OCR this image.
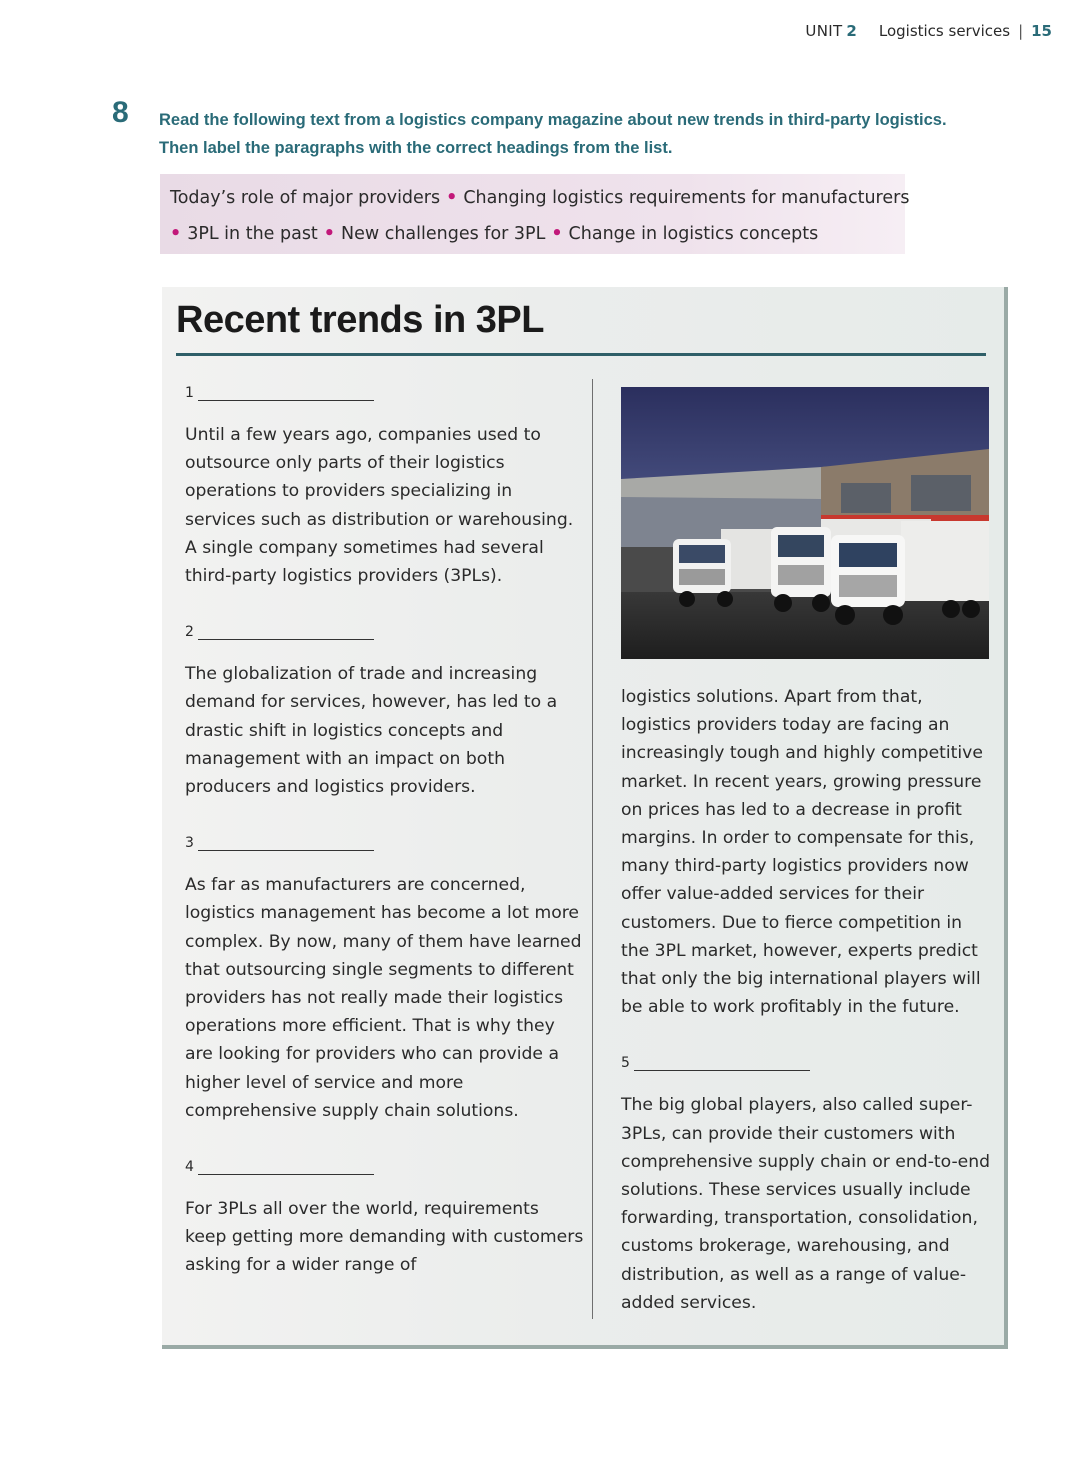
UNIT 2 Logistics services | 15
8 Read the following text from a logistics company magazine about new trends in third-party logistics. Then label the paragraphs with the correct headings from the list.
Today’s role of major providers • Changing logistics requirements for manufacturers
• 3PL in the past • New challenges for 3PL • Change in logistics concepts
Recent trends in 3PL
1

Until a few years ago, companies used to outsource only parts of their logistics operations to providers specializing in services such as distribution or warehousing. A single company sometimes had several third-party logistics providers (3PLs).

2

The globalization of trade and increasing demand for services, however, has led to a drastic shift in logistics concepts and management with an impact on both producers and logistics providers.

3

As far as manufacturers are concerned, logistics management has become a lot more complex. By now, many of them have learned that outsourcing single segments to different providers has not really made their logistics operations more efficient. That is why they are looking for providers who can provide a higher level of service and more comprehensive supply chain solutions.

4

For 3PLs all over the world, requirements keep getting more demanding with customers asking for a wider range of

logistics solutions. Apart from that, logistics providers today are facing an increasingly tough and highly competitive market. In recent years, growing pressure on prices has led to a decrease in profit margins. In order to compensate for this, many third-party logistics providers now offer value-added services for their customers. Due to fierce competition in the 3PL market, however, experts predict that only the big international players will be able to work profitably in the future.

5

The big global players, also called super-3PLs, can provide their customers with comprehensive supply chain or end-to-end solutions. These services usually include forwarding, transportation, consolidation, customs brokerage, warehousing, and distribution, as well as a range of value-added services.
